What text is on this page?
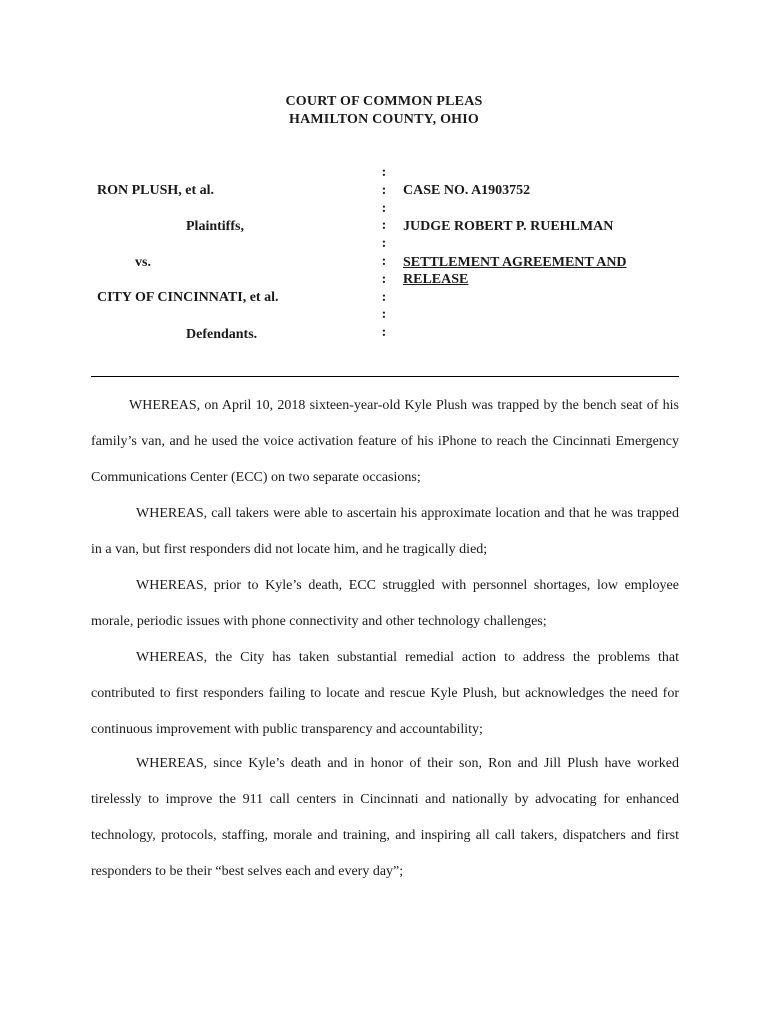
COURT OF COMMON PLEAS
HAMILTON COUNTY, OHIO
RON PLUSH, et al.
Plaintiffs,
vs.
CITY OF CINCINNATI, et al.
Defendants.
:
:
:
:
:
:
:
:
:
:
CASE NO. A1903752
JUDGE ROBERT P. RUEHLMAN
SETTLEMENT AGREEMENT AND
RELEASE

WHEREAS, on April 10, 2018 sixteen-year-old Kyle Plush was trapped by the bench seat of his family’s van, and he used the voice activation feature of his iPhone to reach the Cincinnati Emergency Communications Center (ECC) on two separate occasions;

WHEREAS, call takers were able to ascertain his approximate location and that he was trapped in a van, but first responders did not locate him, and he tragically died;

WHEREAS, prior to Kyle’s death, ECC struggled with personnel shortages, low employee morale, periodic issues with phone connectivity and other technology challenges;

WHEREAS, the City has taken substantial remedial action to address the problems that contributed to first responders failing to locate and rescue Kyle Plush, but acknowledges the need for continuous improvement with public transparency and accountability;

WHEREAS, since Kyle’s death and in honor of their son, Ron and Jill Plush have worked tirelessly to improve the 911 call centers in Cincinnati and nationally by advocating for enhanced technology, protocols, staffing, morale and training, and inspiring all call takers, dispatchers and first responders to be their “best selves each and every day”;
